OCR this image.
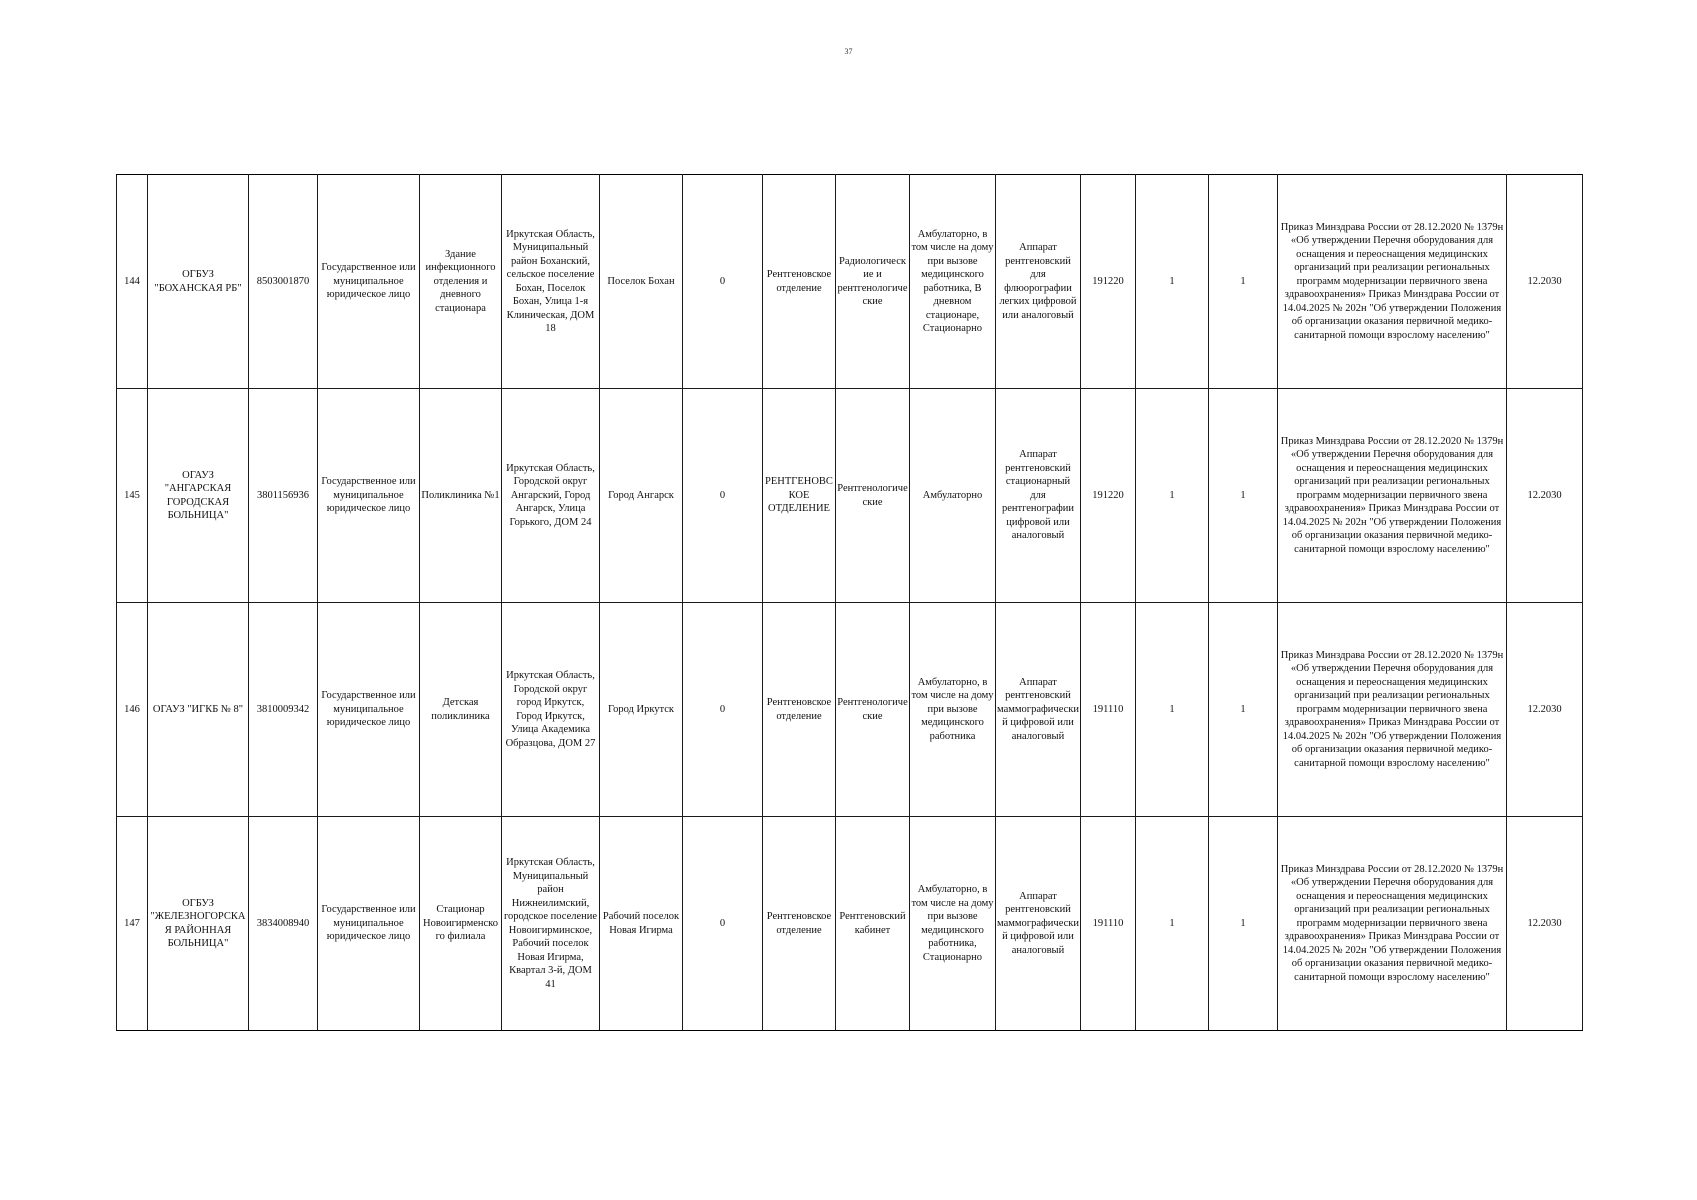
37
144	ОГБУЗ "БОХАНСКАЯ РБ"	8503001870	Государственное или муниципальное юридическое лицо	Здание инфекционного отделения и дневного стационара	Иркутская Область, Муниципальный район Боханский, сельское поселение Бохан, Поселок Бохан, Улица 1-я Клиническая, ДОМ 18	Поселок Бохан	0	Рентгеновское отделение	Радиологические и рентгенологические	Амбулаторно, в том числе на дому при вызове медицинского работника, В дневном стационаре, Стационарно	Аппарат рентгеновский для флюорографии легких цифровой или аналоговый	191220	1	1	Приказ Минздрава России от 28.12.2020 № 1379н «Об утверждении Перечня оборудования для оснащения и переоснащения медицинских организаций при реализации региональных программ модернизации первичного звена здравоохранения» Приказ Минздрава России от 14.04.2025 № 202н "Об утверждении Положения об организации оказания первичной медико-санитарной помощи взрослому населению"	12.2030
145	ОГАУЗ "АНГАРСКАЯ ГОРОДСКАЯ БОЛЬНИЦА"	3801156936	Государственное или муниципальное юридическое лицо	Поликлиника №1	Иркутская Область, Городской округ Ангарский, Город Ангарск, Улица Горького, ДОМ 24	Город Ангарск	0	РЕНТГЕНОВСКОЕ ОТДЕЛЕНИЕ	Рентгенологические	Амбулаторно	Аппарат рентгеновский стационарный для рентгенографии цифровой или аналоговый	191220	1	1	Приказ Минздрава России от 28.12.2020 № 1379н «Об утверждении Перечня оборудования для оснащения и переоснащения медицинских организаций при реализации региональных программ модернизации первичного звена здравоохранения» Приказ Минздрава России от 14.04.2025 № 202н "Об утверждении Положения об организации оказания первичной медико-санитарной помощи взрослому населению"	12.2030
146	ОГАУЗ "ИГКБ № 8"	3810009342	Государственное или муниципальное юридическое лицо	Детская поликлиника	Иркутская Область, Городской округ город Иркутск, Город Иркутск, Улица Академика Образцова, ДОМ 27	Город Иркутск	0	Рентгеновское отделение	Рентгенологические	Амбулаторно, в том числе на дому при вызове медицинского работника	Аппарат рентгеновский маммографический цифровой или аналоговый	191110	1	1	Приказ Минздрава России от 28.12.2020 № 1379н «Об утверждении Перечня оборудования для оснащения и переоснащения медицинских организаций при реализации региональных программ модернизации первичного звена здравоохранения» Приказ Минздрава России от 14.04.2025 № 202н "Об утверждении Положения об организации оказания первичной медико-санитарной помощи взрослому населению"	12.2030
147	ОГБУЗ "ЖЕЛЕЗНОГОРСКАЯ РАЙОННАЯ БОЛЬНИЦА"	3834008940	Государственное или муниципальное юридическое лицо	Стационар Новоигирменского филиала	Иркутская Область, Муниципальный район Нижнеилимский, городское поселение Новоигирминское, Рабочий поселок Новая Игирма, Квартал 3-й, ДОМ 41	Рабочий поселок Новая Игирма	0	Рентгеновское отделение	Рентгеновский кабинет	Амбулаторно, в том числе на дому при вызове медицинского работника, Стационарно	Аппарат рентгеновский маммографический цифровой или аналоговый	191110	1	1	Приказ Минздрава России от 28.12.2020 № 1379н «Об утверждении Перечня оборудования для оснащения и переоснащения медицинских организаций при реализации региональных программ модернизации первичного звена здравоохранения» Приказ Минздрава России от 14.04.2025 № 202н "Об утверждении Положения об организации оказания первичной медико-санитарной помощи взрослому населению"	12.2030
